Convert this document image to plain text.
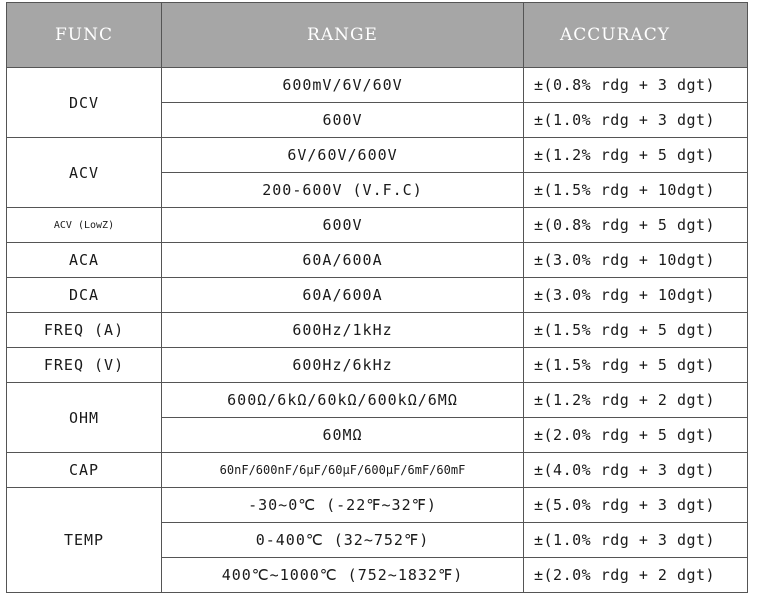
FUNC	RANGE	ACCURACY
DCV	600mV/6V/60V	±(0.8% rdg + 3 dgt)
	600V	±(1.0% rdg + 3 dgt)
ACV	6V/60V/600V	±(1.2% rdg + 5 dgt)
	200-600V (V.F.C)	±(1.5% rdg + 10dgt)
ACV (LowZ)	600V	±(0.8% rdg + 5 dgt)
ACA	60A/600A	±(3.0% rdg + 10dgt)
DCA	60A/600A	±(3.0% rdg + 10dgt)
FREQ (A)	600Hz/1kHz	±(1.5% rdg + 5 dgt)
FREQ (V)	600Hz/6kHz	±(1.5% rdg + 5 dgt)
OHM	600Ω/6kΩ/60kΩ/600kΩ/6MΩ	±(1.2% rdg + 2 dgt)
	60MΩ	±(2.0% rdg + 5 dgt)
CAP	60nF/600nF/6μF/60μF/600μF/6mF/60mF	±(4.0% rdg + 3 dgt)
TEMP	-30~0℃ (-22℉~32℉)	±(5.0% rdg + 3 dgt)
	0-400℃ (32~752℉)	±(1.0% rdg + 3 dgt)
	400℃~1000℃ (752~1832℉)	±(2.0% rdg + 2 dgt)
